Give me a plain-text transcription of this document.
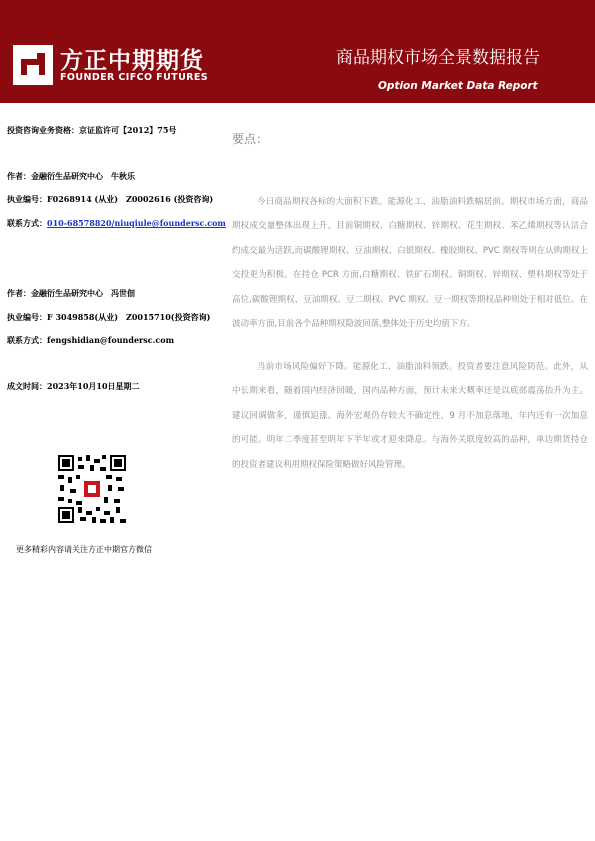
方正中期期货
FOUNDER CIFCO FUTURES
商品期权市场全景数据报告
Option Market Data Report
投资咨询业务资格：京证监许可【2012】75号
作者：金融衍生品研究中心　牛秋乐
执业编号：F0268914 (从业)　Z0002616 (投资咨询)
联系方式：010-68578820/niuqiule@foundersc.com
作者：金融衍生品研究中心　冯世佃
执业编号：F 3049858(从业)　Z0015710(投资咨询)
联系方式：fengshidian@foundersc.com
成文时间：2023年10月10日星期二
更多精彩内容请关注方正中期官方微信
要点：

今日商品期权各标的大面积下跌。能源化工、油脂油料跌幅居前。期权市场方面，商品期权成交量整体出现上升。目前铜期权、白糖期权、锌期权、花生期权、苯乙烯期权等认沽合约成交最为活跃,而碳酸锂期权、豆油期权、白银期权、橡胶期权、PVC 期权等则在认购期权上交投更为积极。在持仓 PCR 方面,白糖期权、铁矿石期权、铜期权、锌期权、塑料期权等处于高位,碳酸锂期权、豆油期权、豆二期权、PVC 期权、豆一期权等期权品种则处于相对低位。在波动率方面,目前各个品种期权隐波回落,整体处于历史均值下方。

当前市场风险偏好下降。能源化工、油脂油料领跌。投资者要注意风险防范。此外，从中长期来看，随着国内经济回暖，国内品种方面，预计未来大概率还是以底部震荡抬升为主。建议回调做多，谨慎追涨。海外宏观仍存较大不确定性，9 月不加息落地，年内还有一次加息的可能。明年二季度甚至明年下半年或才迎来降息。与海外关联度较高的品种，单边期货持仓的投资者建议利用期权保险策略做好风险管理。
